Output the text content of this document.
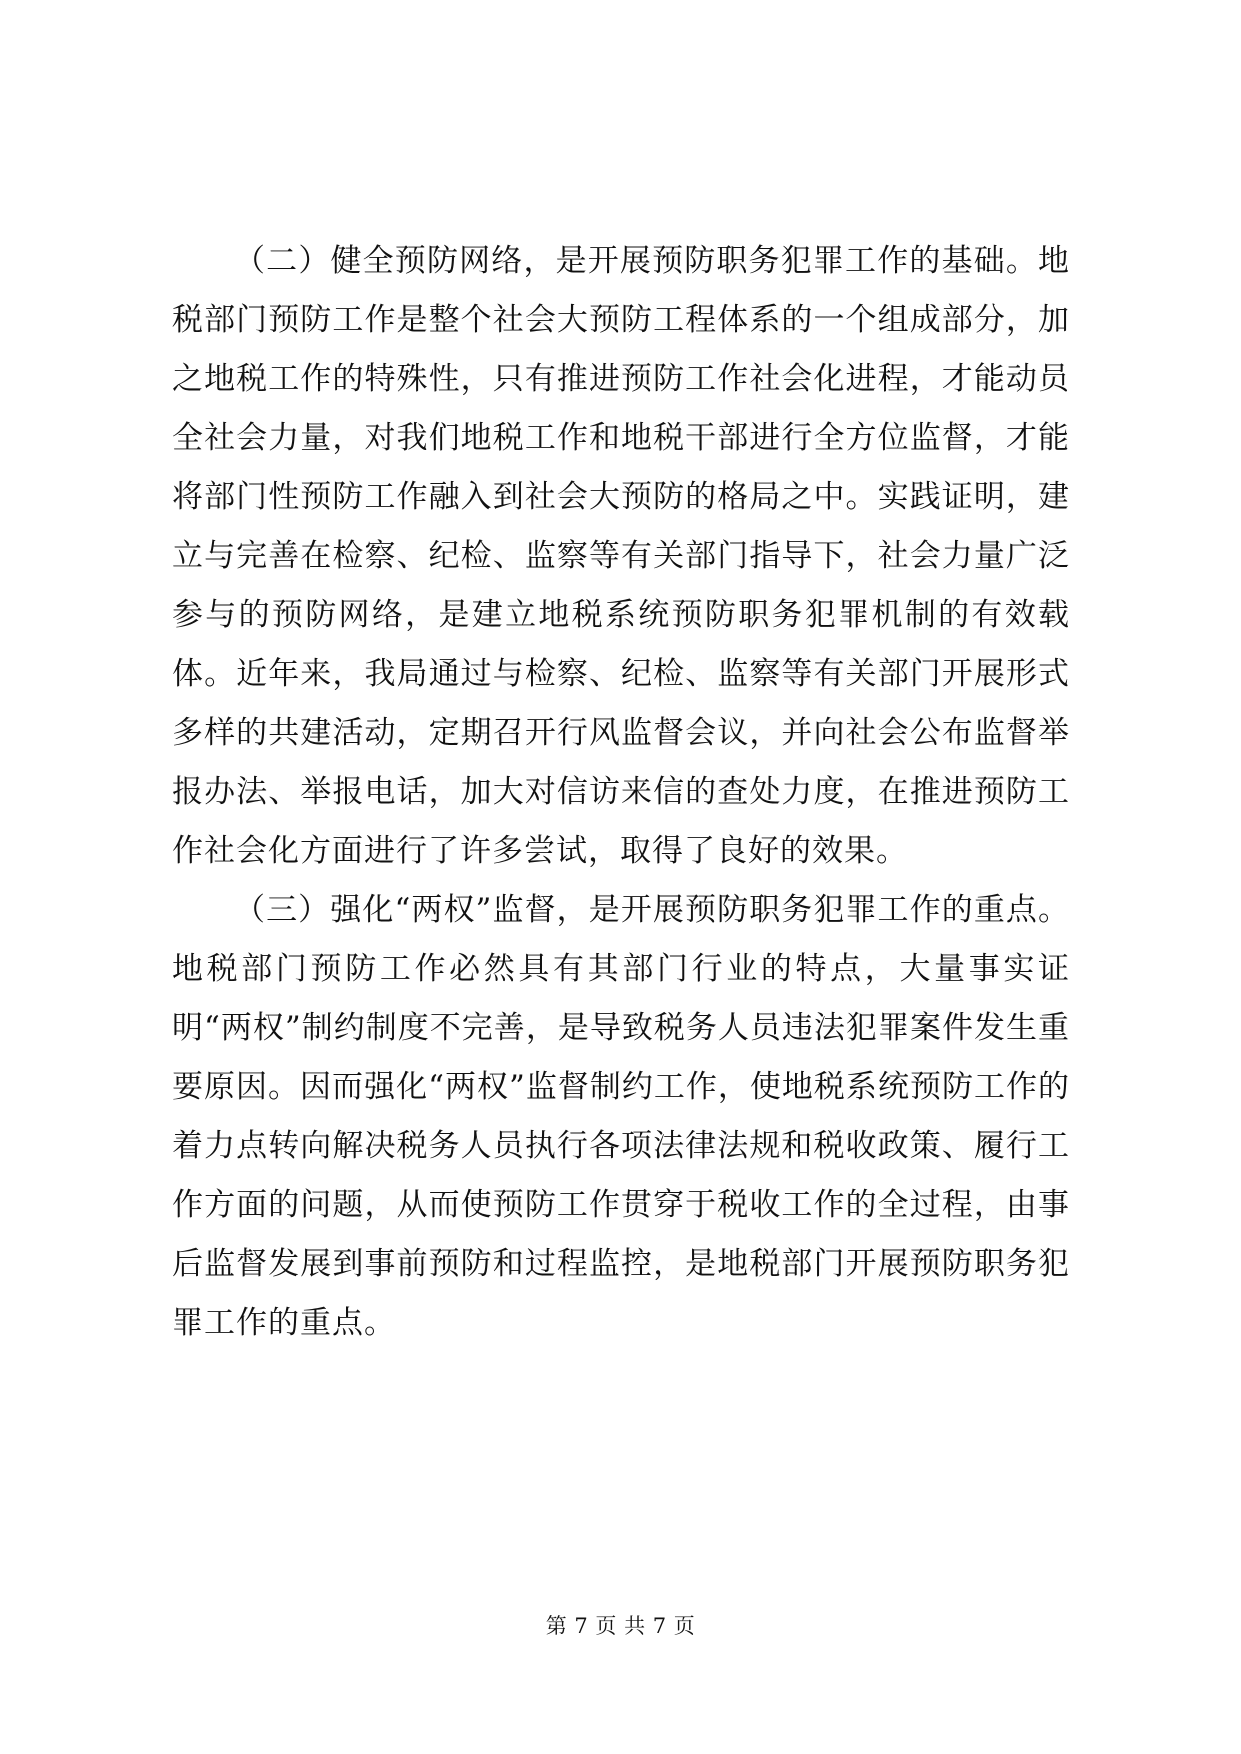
（二）健全预防网络，是开展预防职务犯罪工作的基础。地税部门预防工作是整个社会大预防工程体系的一个组成部分，加之地税工作的特殊性，只有推进预防工作社会化进程，才能动员全社会力量，对我们地税工作和地税干部进行全方位监督，才能将部门性预防工作融入到社会大预防的格局之中。实践证明，建立与完善在检察、纪检、监察等有关部门指导下，社会力量广泛参与的预防网络，是建立地税系统预防职务犯罪机制的有效载体。近年来，我局通过与检察、纪检、监察等有关部门开展形式多样的共建活动，定期召开行风监督会议，并向社会公布监督举报办法、举报电话，加大对信访来信的查处力度，在推进预防工作社会化方面进行了许多尝试，取得了良好的效果。

（三）强化“两权”监督，是开展预防职务犯罪工作的重点。地税部门预防工作必然具有其部门行业的特点，大量事实证明“两权”制约制度不完善，是导致税务人员违法犯罪案件发生重要原因。因而强化“两权”监督制约工作，使地税系统预防工作的着力点转向解决税务人员执行各项法律法规和税收政策、履行工作方面的问题，从而使预防工作贯穿于税收工作的全过程，由事后监督发展到事前预防和过程监控，是地税部门开展预防职务犯罪工作的重点。

第 7 页 共 7 页
